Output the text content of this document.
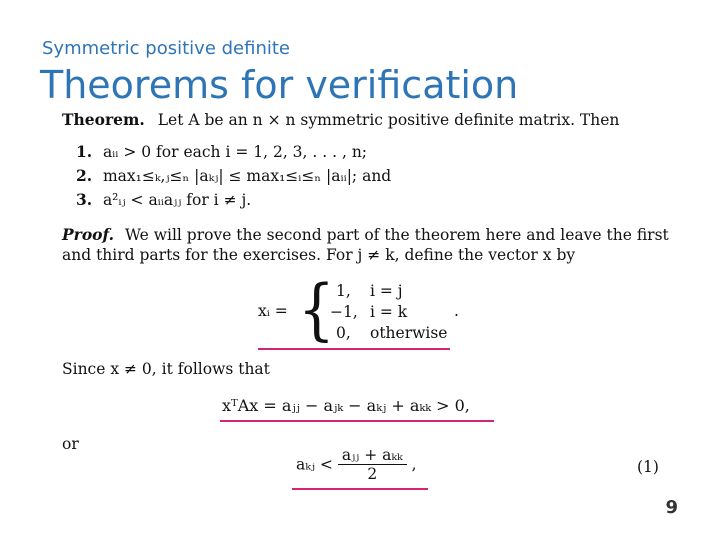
Symmetric positive definite
Theorems for verification
Theorem. Let A be an n × n symmetric positive definite matrix. Then
1. aᵢᵢ > 0 for each i = 1, 2, 3, . . . , n;
2. max₁≤ₖ,ⱼ≤ₙ |aₖⱼ| ≤ max₁≤ᵢ≤ₙ |aᵢᵢ|; and
3. a²ᵢⱼ < aᵢᵢaⱼⱼ for i ≠ j.
Proof. We will prove the second part of the theorem here and leave the first
and third parts for the exercises. For j ≠ k, define the vector x by
xᵢ = { 1, i = j
−1, i = k
0, otherwise
.
Since x ≠ 0, it follows that
xᵀAx = aⱼⱼ − aⱼₖ − aₖⱼ + aₖₖ > 0,
or
aₖⱼ < $\frac{\text{aⱼⱼ + aₖₖ}}{2}$ ,	(1)
9
